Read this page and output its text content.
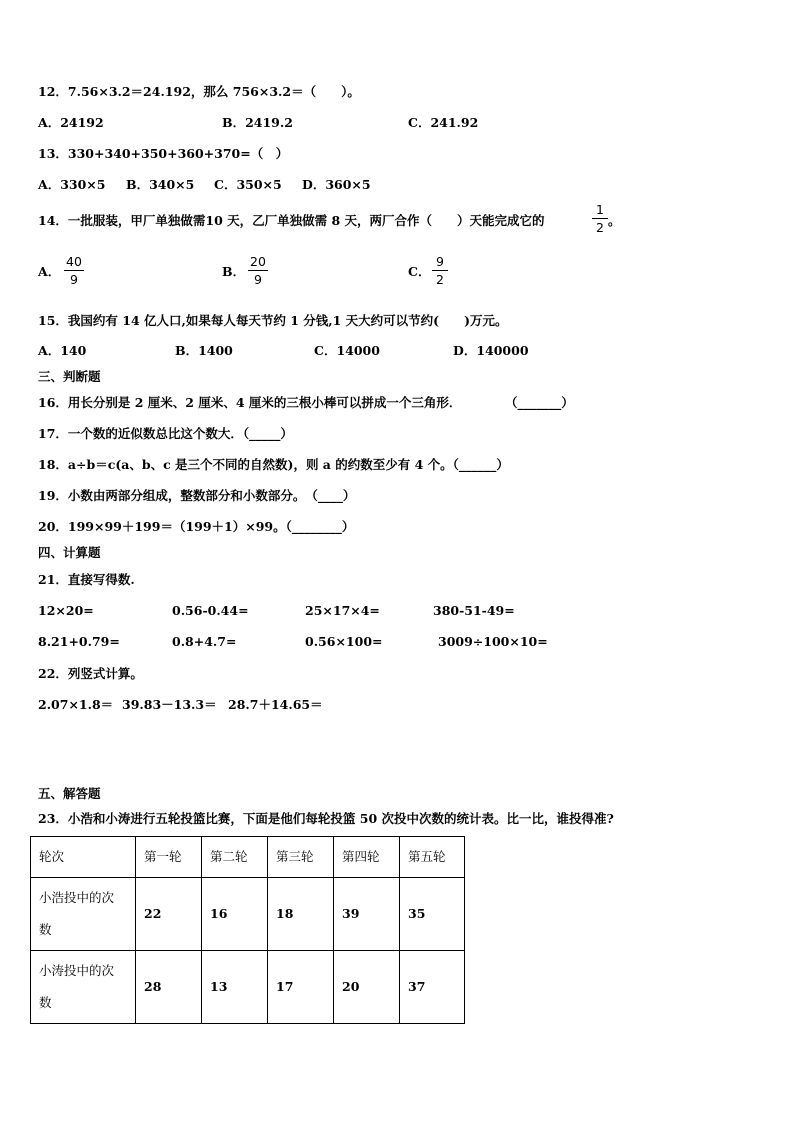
12．7.56×3.2＝24.192，那么 756×3.2＝（　　）。
A．24192	B．2419.2	C．241.92
13．330+340+350+360+370=（　）
A．330×5 B．340×5 C．350×5 D．360×5
14．一批服装，甲厂单独做需10 天，乙厂单独做需 8 天，两厂合作（　　）天能完成它的
1
2 。
A．
40
9
B．
20
9
C．
9
2
15．我国约有 14 亿人口,如果每人每天节约 1 分钱,1 天大约可以节约(　　)万元。
A．140	B．1400	C．14000	D．140000
三、判断题
16．用长分别是 2 厘米、2 厘米、4 厘米的三根小棒可以拼成一个三角形．	（_______）
17．一个数的近似数总比这个数大．（_____）
18．a÷b＝c(a、b、c 是三个不同的自然数)，则 a 的约数至少有 4 个。（______）
19．小数由两部分组成，整数部分和小数部分。　（____）
20．199×99＋199＝（199＋1）×99。（________）
四、计算题
21．直接写得数.
12×20=	0.56-0.44=	25×17×4=	380-51-49=
8.21+0.79=	0.8+4.7=	0.56×100=	3009÷100×10=
22．列竖式计算。
2.07×1.8＝ 39.83－13.3＝ 28.7＋14.65＝
五、解答题
23．小浩和小涛进行五轮投篮比赛，下面是他们每轮投篮 50 次投中次数的统计表。比一比，谁投得准?
轮次	第一轮	第二轮	第三轮	第四轮	第五轮

小浩投中的次
数	22	16	18	39	35

小涛投中的次
数	28	13	17	20	37
